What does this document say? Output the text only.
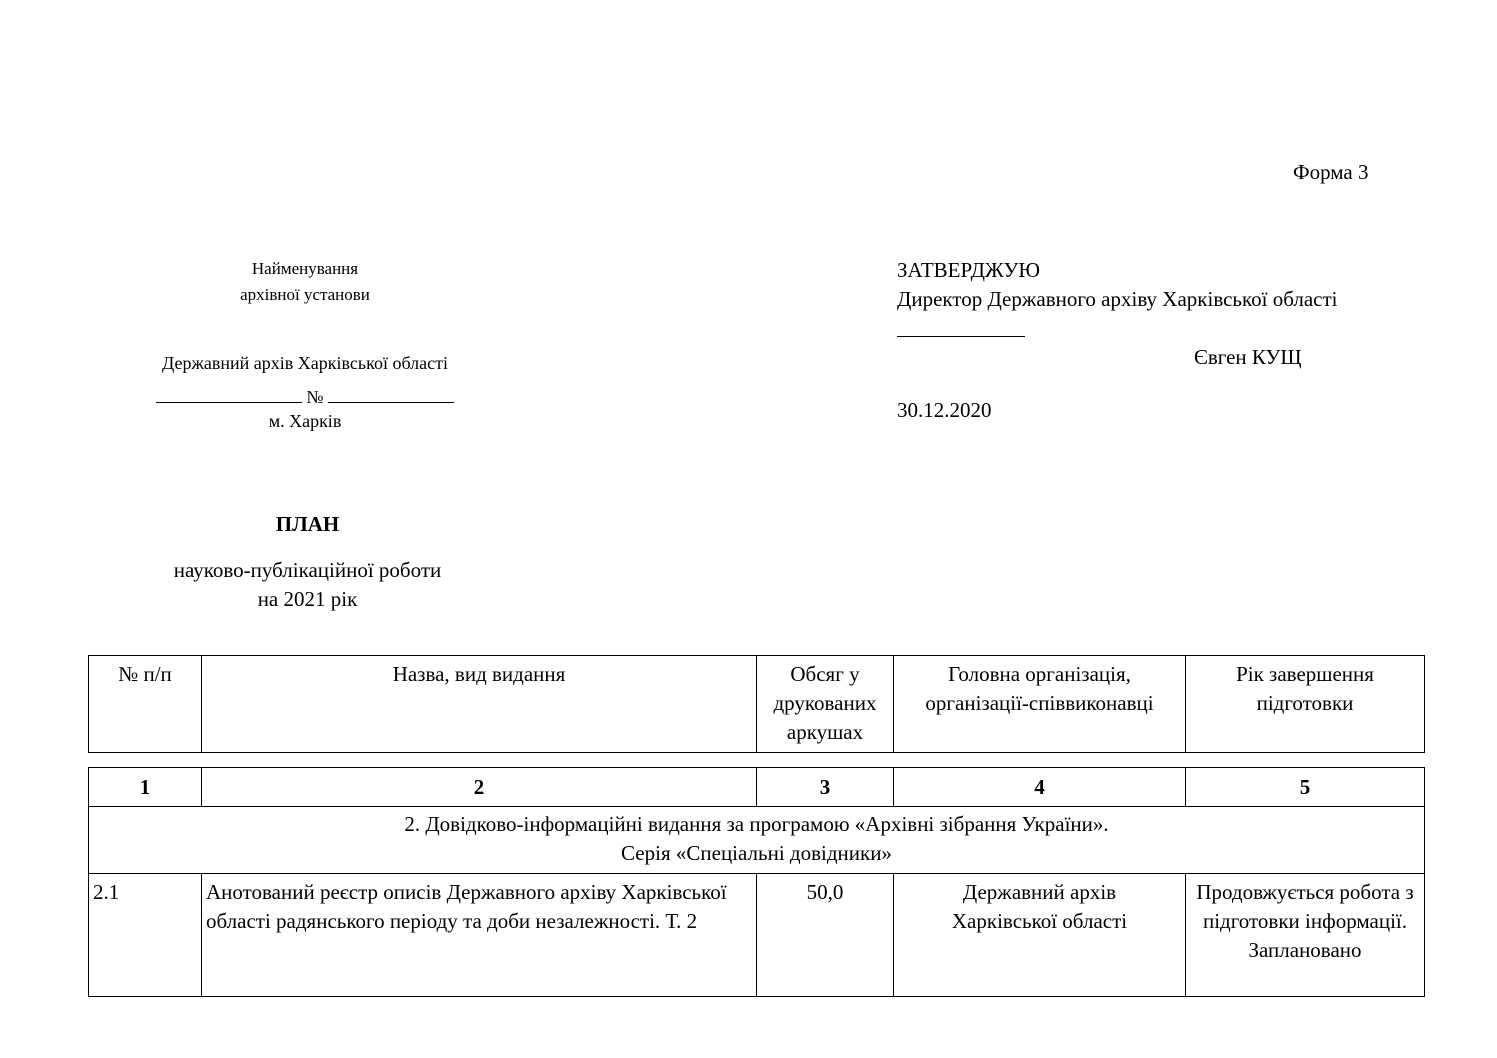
Форма 3
Найменування
архівної установи
Державний архів Харківської області
№
м. Харків
ЗАТВЕРДЖУЮ
Директор Державного архіву Харківської області
Євген КУЩ
30.12.2020
ПЛАН
науково-публікаційної роботи
на 2021 рік
№ п/п	Назва, вид видання	Обсяг у друкованих аркушах	Головна організація, організації-співвиконавці	Рік завершення підготовки
1	2	3	4	5

2. Довідково-інформаційні видання за програмою «Архівні зібрання України».
Серія «Спеціальні довідники»				

2.1	Анотований реєстр описів Державного архіву Харківської області радянського періоду та доби незалежності. Т. 2	50,0	Державний архів Харківської області	Продовжується робота з підготовки інформації. Заплановано
